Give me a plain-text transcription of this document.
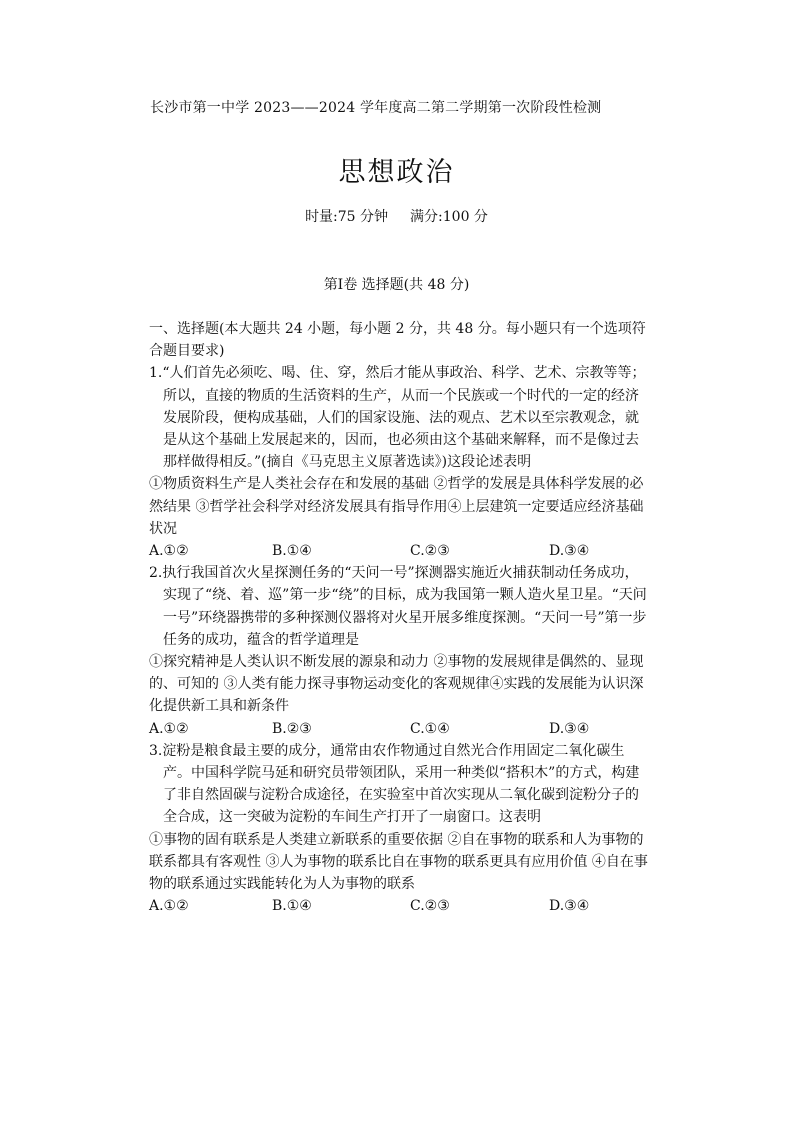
长沙市第一中学 2023——2024 学年度高二第二学期第一次阶段性检测
思想政治
时量:75 分钟 满分:100 分
第Ⅰ卷 选择题(共 48 分)

一、选择题(本大题共 24 小题，每小题 2 分，共 48 分。每小题只有一个选项符合题目要求)

1.“人们首先必须吃、喝、住、穿，然后才能从事政治、科学、艺术、宗教等等；所以，直接的物质的生活资料的生产，从而一个民族或一个时代的一定的经济发展阶段，便构成基础，人们的国家设施、法的观点、艺术以至宗教观念，就是从这个基础上发展起来的，因而，也必须由这个基础来解释，而不是像过去那样做得相反。”(摘自《马克思主义原著选读》)这段论述表明

①物质资料生产是人类社会存在和发展的基础 ②哲学的发展是具体科学发展的必然结果 ③哲学社会科学对经济发展具有指导作用④上层建筑一定要适应经济基础状况

A.①②	B.①④	C.②③	D.③④

2.执行我国首次火星探测任务的“天问一号”探测器实施近火捕获制动任务成功，实现了“绕、着、巡”第一步“绕”的目标，成为我国第一颗人造火星卫星。“天问一号”环绕器携带的多种探测仪器将对火星开展多维度探测。“天问一号”第一步任务的成功，蕴含的哲学道理是

①探究精神是人类认识不断发展的源泉和动力 ②事物的发展规律是偶然的、显现的、可知的 ③人类有能力探寻事物运动变化的客观规律④实践的发展能为认识深化提供新工具和新条件

A.①②	B.②③	C.①④	D.③④

3.淀粉是粮食最主要的成分，通常由农作物通过自然光合作用固定二氧化碳生产。中国科学院马延和研究员带领团队，采用一种类似“搭积木”的方式，构建了非自然固碳与淀粉合成途径，在实验室中首次实现从二氧化碳到淀粉分子的全合成，这一突破为淀粉的车间生产打开了一扇窗口。这表明

①事物的固有联系是人类建立新联系的重要依据 ②自在事物的联系和人为事物的联系都具有客观性 ③人为事物的联系比自在事物的联系更具有应用价值 ④自在事物的联系通过实践能转化为人为事物的联系

A.①②	B.①④	C.②③	D.③④
